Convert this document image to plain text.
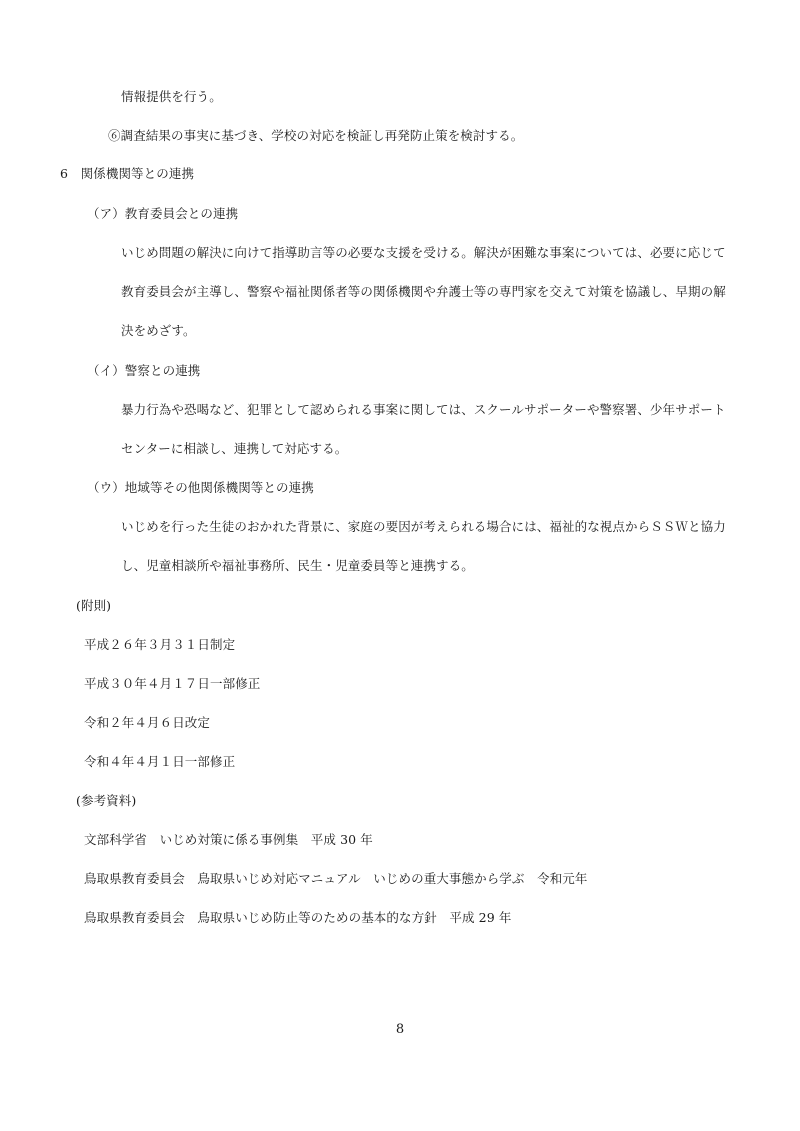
情報提供を行う。
⑥調査結果の事実に基づき、学校の対応を検証し再発防止策を検討する。
6　関係機関等との連携
（ア）教育委員会との連携
いじめ問題の解決に向けて指導助言等の必要な支援を受ける。解決が困難な事案については、必要に応じて
教育委員会が主導し、警察や福祉関係者等の関係機関や弁護士等の専門家を交えて対策を協議し、早期の解
決をめざす。
（イ）警察との連携
暴力行為や恐喝など、犯罪として認められる事案に関しては、スクールサポーターや警察署、少年サポート
センターに相談し、連携して対応する。
（ウ）地域等その他関係機関等との連携
いじめを行った生徒のおかれた背景に、家庭の要因が考えられる場合には、福祉的な視点からＳＳＷと協力
し、児童相談所や福祉事務所、民生・児童委員等と連携する。
(附則)
平成２６年３月３１日制定
平成３０年４月１７日一部修正
令和２年４月６日改定
令和４年４月１日一部修正
(参考資料)
文部科学省　いじめ対策に係る事例集　平成 30 年
鳥取県教育委員会　鳥取県いじめ対応マニュアル　いじめの重大事態から学ぶ　令和元年
鳥取県教育委員会　鳥取県いじめ防止等のための基本的な方針　平成 29 年
8
